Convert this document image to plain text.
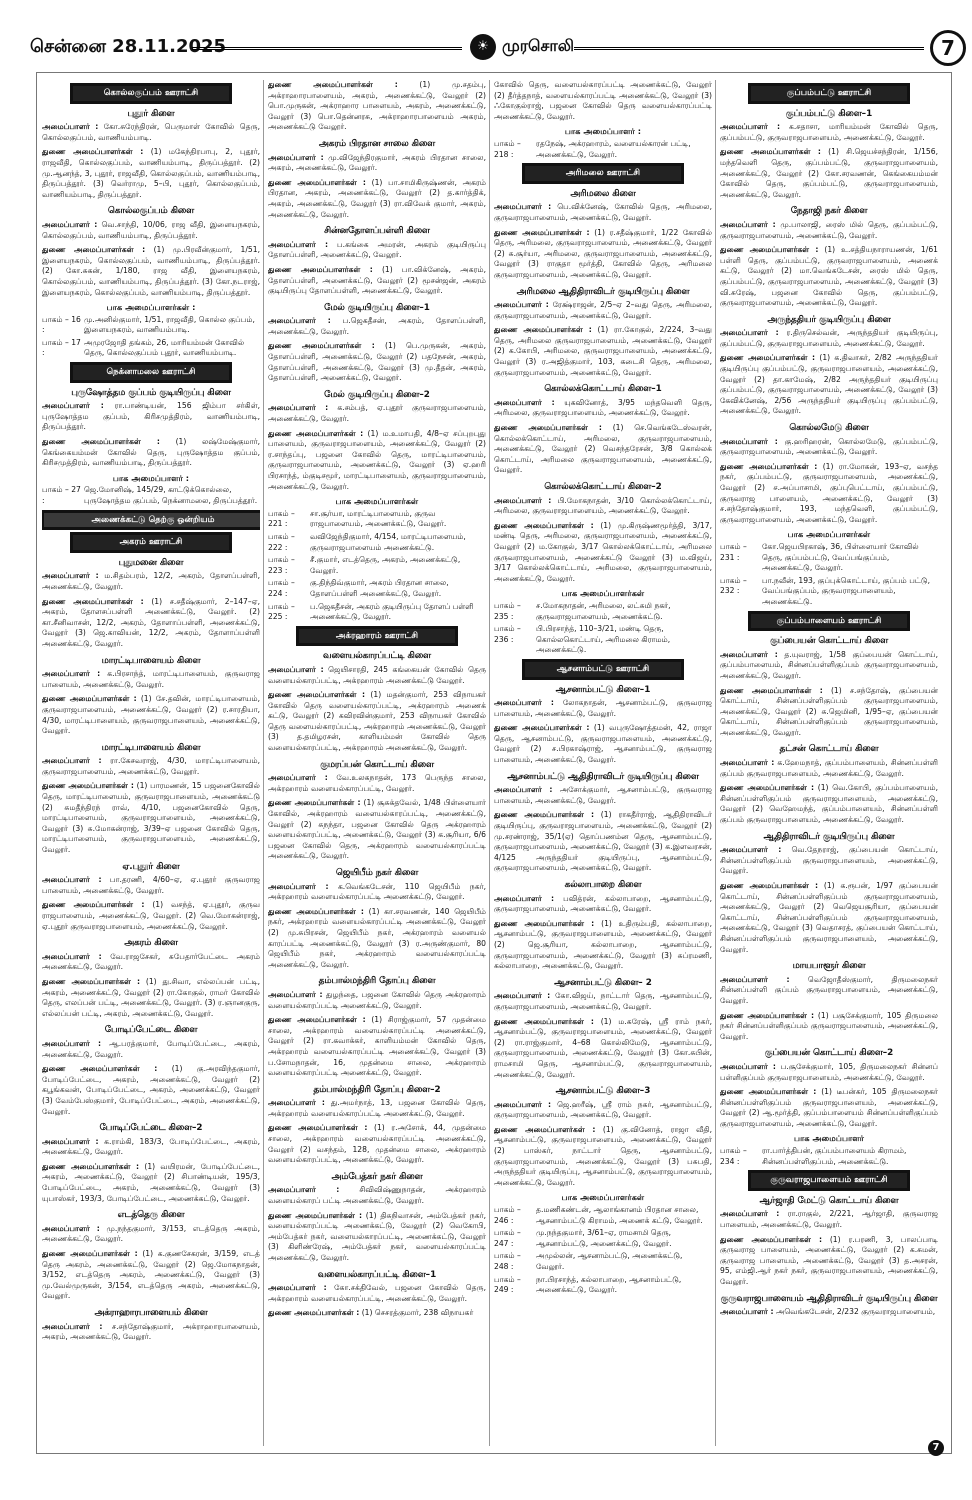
சென்னை 28.11.2025	☀ முரசொலி	7
கொல்லகுப்பம் ஊராட்சி
புதூர் கிளை
அமைப்பாளர் : கோ.சுரேந்திரன், பெருமாள் கோவில் தெரு, கொல்லகுப்பம், வாணியம்பாடி.
துணை அமைப்பாளர்கள் : (1) மகேந்திரபாபு, 2, புதூர், ராஜவீதி, கொல்லகுப்பம், வாணியம்பாடி, திருப்பத்தூர். (2) மு.ஆனந்த், 3, புதூர், ராஜவீதி, கொல்லகுப்பம், வாணியம்பாடி, திருப்பத்தூர். (3) வெர்ராமு, 5–பி, புதூர், கொல்லகுப்பம், வாணியம்பாடி, திருப்பத்தூர்.
கொல்லகுப்பம் கிளை
அமைப்பாளர் : வெ.சாந்தி, 10/06, ராஜ வீதி, இளையநகரம், கொல்லகுப்பம், வாணியம்பாடி, திருப்பத்தூர்.
துணை அமைப்பாளர்கள் : (1) மு.பிரவீன்குமார், 1/51, இளையநகரம், கொல்லகுப்பம், வாணியம்பாடி, திருப்பத்தூர். (2) கோ.சுகன், 1/180, ராஜ வீதி, இளையநகரம், கொல்லகுப்பம், வாணியம்பாடி, திருப்பத்தூர். (3) கோ.நடராஜ், இளையநகரம், கொல்லகுப்பம், வாணியம்பாடி, திருப்பத்தூர்.
பாக அமைப்பாளர்கள் :
பாகம் – 16 :
மு.அனில்குமார், 1/51, ராஜவீதி, கொல்ல குப்பம், இளையநகரம், வாணியம்பாடி.
பாகம் – 17 :
அமுரஜோதி தங்கம், 26, மாரியம்மன் கோவில் தெரு, கொல்லகுப்பம் புதூர், வாணியம்பாடி.
நெக்னாமலை ஊராட்சி
புருஷோத்தம குப்பம் குடியிருப்பு கிளை
அமைப்பாளர் : ரா.பாண்டியன், 156 ஜிம்பா சர்கிள், புருஷோத்தம குப்பம், கிரிசமுத்திரம், வாணியம்பாடி, திருப்பத்தூர்.
துணை அமைப்பாளர்கள் : (1) லஷ்மேஷ்குமார், கெங்கையம்மன் கோவில் தெரு, புருஷோத்தம குப்பம், கிரிசமுத்திரம், வாணியம்பாடி, திருப்பத்தூர்.
பாக அமைப்பாளர் :
பாகம் – 27 :
ஜெ.மோனிஷ், 145/29, காட்டுக்கொல்லை, புருஷோத்தம குப்பம், நெக்னாமலை, திருப்பத்தூர்.
அணைக்கட்டு தெற்கு ஒன்றியம்
அகரம் ஊராட்சி
புதுமனை கிளை
அமைப்பாளர் : ம.சிதம்பரம், 12/2, அகரம், தோளப்பள்ளி, அணைக்கட்டு, வேலூர்.
துணை அமைப்பாளர்கள் : (1) ச.சதீஷ்குமார், 2–147–ஏ, அகரம், தோளசப்பள்ளி அணைக்கட்டு, வேலூர். (2) கா.சீனிவாசன், 12/2, அகரம், தோளாப்பள்ளி, அணைக்கட்டு, வேலூர் (3) ஜெ.காவியன், 12/2, அகரம், தோளாப்பள்ளி அணைக்கட்டு, வேலூர்.
மாரட்டிபாளையம் கிளை
அமைப்பாளர் : க.பிரசாந்த், மாரட்டிபாளையம், குருவராஜ பாளையம், அணைக்கட்டு, வேலூர்.
துணை அமைப்பாளர்கள் : (1) சே.தவின், மாரட்டிபாளையம், குருவராஜபாளையம், அணைக்கட்டு, வேலூர் (2) ர.சாரதியா, 4/30, மாரட்டிபாளையம், குருவராஜபாளையம், அணைக்கட்டு, வேலூர்.
மாரட்டிபாளையம் கிளை
அமைப்பாளர் : ரா.கேசவராஜ், 4/30, மாரட்டிபாளையம், குருவராஜபாளையம், அணைக்கட்டு, வேலூர்.
துணை அமைப்பாளர்கள் : (1) பாரமணன், 15 பஜனைகோவில் தெரு, மாரட்டிபாளையம், குருவராஜபாளையம், அணைக்கட்டு (2) சுமதீந்திரந் ராவ், 4/10, பஜனைகோவில் தெரு, மாரட்டிபாளையம், குருவராஜபாளையம், அணைக்கட்டு, வேலூர் (3) சு.மோகன்ராஜ், 3/39–ஏ பஜனை கோவில் தெரு, மாரட்டிபாளையம், குருவராஜபாளையம், அணைக்கட்டு, வேலூர்.
ஏ.புதூர் கிளை
அமைப்பாளர் : பா.தரணி, 4/60–ஏ, ஏ.புதூர் குருவராஜ பாளையம், அணைக்கட்டு, வேலூர்.
துணை அமைப்பாளர்கள் : (1) வசந்த், ஏ.புதூர், குருவ ராஜபாளையம், அணைக்கட்டு, வேலூர். (2) வெ.மோகன்ராஜ், ஏ.புதூர் குருவராஜபாளையம், அணைக்கட்டு, வேலூர்.
அகரம் கிளை
அமைப்பாளர் : வே.ராஜசேகர், சுபேதார்பேட்டை அகரம் அணைக்கட்டு, வேலூர்.
துணை அமைப்பாளர்கள் : (1) து.சிவா, எல்லப்பன் பட்டி, அகரம், அணைக்கட்டு, வேலூர் (2) ரா.கோகுல், ராமர் கோவில் தெரு, எலப்பன் பட்டி, அணைக்கட்டு, வேலூர். (3) ர.ஞானகுரு, எல்லப்பன் பட்டி, அகரம், அணைக்கட்டு, வேலூர்.
போடிப்பேட்டை கிளை
அமைப்பாளர் : ஆ.பரத்குமார், போடிப்பேட்டை, அகரம், அணைக்கட்டு, வேலூர்.
துணை அமைப்பாளர்கள் : (1) கு.அரவிந்தகுமார், போடிப்பேட்டை, அகரம், அணைக்கட்டு, வேலூர் (2) கபூங்கவன், போடிப்பேட்டை, அகரம், அணைக்கட்டு, வேலூர் (3) வேம்பேஸ்குமார், போடிப்பேட்டை, அகரம், அணைக்கட்டு, வேலூர்.
போடிப்பேட்டை கிளை–2
அமைப்பாளர் : க.ராம்கி, 183/3, போடிப்பேட்டை, அகரம், அணைக்கட்டு, வேலூர்.
துணை அமைப்பாளர்கள் : (1) வயிரமன், போடிப்பேட்டை, அகரம், அணைக்கட்டு, வேலூர் (2) சிபாண்டியன், 195/3, போடிப்பேட்டை, அகரம், அணைக்கட்டு, வேலூர் (3) யுபாஸ்கர், 193/3, போடிப்பேட்டை, அணைக்கட்டு, வேலூர்.
எடத்தெரு கிளை
அமைப்பாளர் : மு.நந்தகுமார், 3/153, எடத்தெரு அகரம், அணைக்கட்டு, வேலூர்.
துணை அமைப்பாளர்கள் : (1) க.குணசேகரன், 3/159, எடத் தெரு அகரம், அணைக்கட்டு, வேலூர் (2) ஜெ.மோகநாதன், 3/152, எடத்தெரு அகரம், அணைக்கட்டு, வேலூர் (3) மு.வேல்முருகன், 3/154, எடத்தெரு அகரம், அணைக்கட்டு, வேலூர்.
அக்ராஹாரபாளையம் கிளை
அமைப்பாளர் : ச.சந்தோஷ்குமார், அக்ராஹாரபாளையம், அகரம், அணைக்கட்டு, வேலூர்.
துணை அமைப்பாளர்கள் :	(1) மு.சதம்பு, அக்ராஹாரபாளையம், அகரம், அணைக்கட்டு, வேலூர் (2) பொ.முருகன், அக்ராஹார பாளையம், அகரம், அணைக்கட்டு, வேலூர் (3) பொ.தென்னரசு, அக்ராஹாரபாளையம் அகரம், அணைக்கட்டு வேலூர்.
அகரம் பிரதான சாலை கிளை
அமைப்பாளர் : மு.விஜேந்திரகுமார், அகரம் பிரதான சாலை, அகரம், அணைக்கட்டு, வேலூர்.
துணை அமைப்பாளர்கள் : (1) பா.சாமிகிருஷ்ணன், அகரம் பிரதான, அகரம், அணைக்கட்டு, வேலூர் (2) த.கார்த்திக், அகரம், அணைக்கட்டு, வேலூர் (3) ரா.விவேக் குமார், அகரம், அணைக்கட்டு, வேலூர்.
சின்னதோளப்பள்ளி கிளை
அமைப்பாளர் : ப.கங்கை அமரன், அகரம் குடியிருப்பு தோளப்பள்ளி, அணைக்கட்டு, வேலூர்.
துணை அமைப்பாளர்கள் : (1) பா.விக்னேஷ், அகரம், தோளப்பள்ளி, அணைக்கட்டு, வேலூர் (2) மூசன்ஜன், அகரம் குடியிருப்பு தோளப்பள்ளி, அணைக்கட்டு, வேலூர்.
மேல் குடியிருப்பு கிளை–1
அமைப்பாளர் : ப.ஜெகதீசன், அகரம், தோளப்பள்ளி, அணைக்கட்டு, வேலூர்.
துணை அமைப்பாளர்கள் : (1) பெ.முருகன், அகரம், தோளப்பள்ளி, அணைக்கட்டு, வேலூர் (2) பதநேசன், அகரம், தோளப்பள்ளி, அணைக்கட்டு, வேலூர் (3) மு.தீதன், அகரம், தோளப்பள்ளி, அணைக்கட்டு, வேலூர்.
மேல் குடியிருப்பு கிளை–2
அமைப்பாளர் : க.சம்பத், ஏ.புதூர் குருவராஜபாளையம், அணைக்கட்டு, வேலூர்.
துணை அமைப்பாளர்கள் : (1) ம.உமாபதி, 4/8–ஏ சப்புறபுது பாளையம், குருவராஜபாளையம், அணைக்கட்டு, வேலூர் (2) ர.சாந்தப்பு, பஜனை கோவில் தெரு, மாரட்டிபாளையம், குருவராஜபாளையம், அணைக்கட்டு, வேலூர் (3) ஏ.ஹரி பிரசாந்த், ம்குடிசமூர், மாரட்டிபாளையம், குருவராஜபாளையம், அணைக்கட்டு, வேலூர்.
பாக அமைப்பாளர்கள்
பாகம் – 221 :
சா.சூர்யா, மாரட்டிபாளையம், குருவ ராஜபாளையம், அணைக்கட்டு, வேலூர்.
பாகம் – 222 :
வவிஜேந்திகுமார், 4/154, மாரட்டிபாளையம், குருவராஜபாளையம் அணைக்கட்டு.
பாகம் – 223 :
சீ.குமார், எடத்தெரு, அகரம், அணைக்கட்டு, வேலூர்.
பாகம் – 224 :
கு.திந்திவ்குமார், அகரம் பிரதான சாலை, தோளப்பள்ளி அணைக்கட்டு, வேலூர்.
பாகம் – 225 :
ப.ஜெகதீசன், அகரம் குடியிருப்பு தோளப் பள்ளி அணைக்கட்டு, வேலூர்.
அக்ரஹாரம் ஊராட்சி
வளையல்காரப்பட்டி கிளை
அமைப்பாளர் : ஜெயிசாரதி, 245 கங்கையன் கோவில் தெரு வளையல்காரப்பட்டி, அக்ரஹாரம் அணைக்கட்டு வேலூர்.
துணை அமைப்பாளர்கள் : (1) மதன்குமார், 253 விநாயகர் கோவில் தெரு வளையல்காரப்பட்டி, அக்ரஹாரம் அணைக் கட்டு, வேலூர் (2) கவிரவின்குமார், 253 விநாயகர் கோவில் தெரு வளையல்காரப்பட்டி, அக்ரஹாரம் அணைக்கட்டு, வேலூர் (3) த.தமிழரசன், காளியம்மன் கோவில் தெரு வளையல்காரப்பட்டி, அக்ரஹாரம் அணைக்கட்டு, வேலூர்.
குமரப்பன் கொட்டாய் கிளை
அமைப்பாளர் : வே.உலகநாதன், 173 பெருந்த சாலை, அக்ரஹாரம் வளையல்காரப்பட்டி, வேலூர்.
துணை அமைப்பாளர்கள் : (1) சூசுக்தவேல், 1/48 பிள்ளையார் கோவில், அக்ரஹாரம் வளையல்காரப்பட்டி, அணைக்கட்டு, வேலூர் (2) சுநந்தா, பஜனை கோவில் தெரு அக்ரஹாரம் வளையல்காரப்பட்டி, அணைக்கட்டு, வேலூர் (3) க.சூரியா, 6/6 பஜனை கோவில் தெரு, அக்ரஹாரம் வளையல்காரப்பட்டி அணைக்கட்டு, வேலூர்.
ஜெயிபீம் நகர் கிளை
அமைப்பாளர் : க.வெங்கடேசன், 110 ஜெயிபீம் நகர், அக்ரஹாரம் வளையல்காரப்பட்டி அணைக்கட்டு, வேலூர்.
துணை அமைப்பாளர்கள் : (1) கா.சரவணன், 140 ஜெயிபீம் நகர், அக்ரஹாரம் வளையல்காரப்பட்டி அணைக்கட்டு, வேலூர் (2) மு.சுபிரசன், ஜெயிபீம் நகர், அக்ரஹாரம் வளையல் காரப்பட்டி அணைக்கட்டு, வேலூர் (3) ர.அருண்குமார், 80 ஜெயிபீம் நகர், அக்ரஹாரம் வளையல்காரப்பட்டி அணைக்கட்டு, வேலூர்.
தம்பால்மந்திரி தோப்பு கிளை
அமைப்பாளர் : துழந்தை, பஜனை கோவில் தெரு அக்ரஹாரம் வளையல்காரப்பட்டி அணைக்கட்டு, வேலூர்.
துணை அமைப்பாளர்கள் : (1) சிராஜ்குமார், 57 முதன்மை சாலை, அக்ரஹாரம் வளையல்காரப்பட்டி அணைக்கட்டு, வேலூர் (2) ரா.கவாக்கர், காளியம்மன் கோவில் தெரு, அக்ரஹாரம் வளையல்காரப்பட்டி அணைக்கட்டு, வேலூர் (3) ப.சோமநாதன், 16, முதன்மை சாலை, அக்ரஹாரம் வளையல்காரப்பட்டி அணைக்கட்டு, வேலூர்.
தம்பால்மந்திரி தோப்பு கிளை–2
அமைப்பாளர் : து.அமர்நாத், 13, பஜனை கோவில் தெரு, அக்ரஹாரம் வளையல்காரப்பட்டி அணைக்கட்டு, வேலூர்.
துணை அமைப்பாளர்கள் : (1) ர.அசோக், 44, முதன்மை சாலை, அக்ரஹாரம் வளையல்காரப்பட்டி அணைக்கட்டு, வேலூர் (2) வசந்தம், 128, முதன்மை சாலை, அக்ரஹாரம் வளையல்காரப்பட்டி, அணைக்கட்டு, வேலூர்.
அம்பேத்கர் நகர் கிளை
அமைப்பாளர் :	சிவிவிஷ்ணுநாதன், அக்ரஹாரம் வளையல்காரப் பட்டி அணைக்கட்டு, வேலூர்.
துணை அமைப்பாளர்கள் : (1) திசுநிவாசன், அம்பேத்கர் நகர், வளையல்காரப்பட்டி அணைக்கட்டு, வேலூர் (2) வெகோபி, அம்பேத்கர் நகர், வளையல்காரப்பட்டி, அணைக்கட்டு, வேலூர் (3) கிளிண்ரேஷ், அம்பேத்கர் நகர், வளையல்காரப்பட்டி அணைக்கட்டு, வேலூர்.
வளையல்காரப்பட்டி கிளை–1
அமைப்பாளர் : கோ.சக்திவேல், பஜனை கோவில் தெரு, அக்ரஹாரம் வளையல்காரப்பட்டி, அணைக்கட்டு, வேலூர்.
துணை அமைப்பாளர்கள் : (1) செசரத்குமார், 238 விநாயகர்
கோவில் தெரு, வளையல்காரப்பட்டி அணைக்கட்டு, வேலூர் (2) தீர்த்தநாத், வளையல்காரப்பட்டி அணைக்கட்டு, வேலூர் (3) ஃகோகுல்ராஜ், பஜனை கோவில் தெரு வளையல்காரப்பட்டி அணைக்கட்டு, வேலூர்.
பாக அமைப்பாளர் :
பாகம் – 218 :
ரதநேஷ், அக்ரஹாரம், வளையல்காரன் பட்டி, அணைக்கட்டு, வேலூர்.
அரிமலை ஊராட்சி
அரிமலை கிளை
அமைப்பாளர் : பெ.விக்னேஷ், கோவில் தெரு, அரிமலை, குருவராஜபாளையம், அணைக்கட்டு, வேலூர்.
துணை அமைப்பாளர்கள் : (1) ர.சதீஷ்குமார், 1/22 கோவில் தெரு, அரிமலை, குருவராஜபாளையம், அணைக்கட்டு, வேலூர் (2) சு.சூர்யா, அரிமலை, குருவராஜபாளையம், அணைக்கட்டு, வேலூர் (3) ராகுதா மூர்த்தி, கோவில் தெரு, அரிமலை குருவராஜபாளையம், அணைக்கட்டு, வேலூர்.
அரிமலை ஆதிதிராவிடர் குடியிருப்பு கிளை
அமைப்பாளர் : ரேக்ஷ்ராஜன், 2/5–ஏ 2–வது தெரு, அரிமலை, குருவராஜபாளையம், அணைக்கட்டு, வேலூர்.
துணை அமைப்பாளர்கள் : (1) ரா.கோகுல், 2/224, 3–வது தெரு, அரிமலை குருவராஜபாளையம், அணைக்கட்டு, வேலூர் (2) க.கோபி, அரிமலை, குருவராஜபாளையம், அணைக்கட்டு, வேலூர் (3) ர.அஜித்குமார், 103, கடைசி தெரு, அரிமலை, குருவராஜபாளையம், அணைக்கட்டு, வேலூர்.
கொல்லக்கொட்டாய் கிளை–1
அமைப்பாளர் : யுகவினோத், 3/95 மந்தவெளி தெரு, அரிமலை, குருவராஜபாளையம், அணைக்கட்டு, வேலூர்.
துணை அமைப்பாளர்கள் : (1) செ.வெங்கடேஸ்வரன், கொல்லக்கொட்டாய், அரிமலை, குருவராஜபாளையம், அணைக்கட்டு, வேலூர் (2) வெசந்தரேசன், 3/8 கொல்லக் கொட்டாய், அரிமலை குருவராஜபாளையம், அணைக்கட்டு, வேலூர்.
கொல்லக்கொட்டாய் கிளை–2
அமைப்பாளர் : பி.மோகநாதன், 3/10 கொல்லக்கொட்டாய், அரிமலை, குருவராஜபாளையம், அணைக்கட்டு, வேலூர்.
துணை அமைப்பாளர்கள் : (1) மு.கிருஷ்ணமூர்த்தி, 3/17, மண்டி தெரு, அரிமலை, குருவராஜபாளையம், அணைக்கட்டு, வேலூர் (2) ம.கோகுல், 3/17 கொல்லக்கொட்டாய், அரிமலை குருவராஜபாளையம், அணைக்கட்டு வேலூர் (3) ம.விஜய், 3/17 கொல்லக்கொட்டாய், அரிமலை, குருவராஜபாளையம், அணைக்கட்டு, வேலூர்.
பாக அமைப்பாளர்கள்
பாகம் – 235 :
ச.மோகநாதன், அரிமலை, லட்சுமி நகர், குருவராஜபாளையம், அணைக்கட்டு.
பாகம் – 236 :
பி.பிரசாந்த், 110–3/21, மண்டி தெரு, கொல்லகொட்டாய், அரிமலை கிராமம், அணைக்கட்டு.
ஆசனாம்பட்டு ஊராட்சி
ஆசனாம்பட்டு கிளை–1
அமைப்பாளர் : லோகநாதன், ஆசனாம்பட்டு, குருவராஜ பாளையம், அணைக்கட்டு, வேலூர்.
துணை அமைப்பாளர்கள் : (1) வபுருஷோத்தமன், 42, ராஜா தெரு, ஆசனாம்பட்டு, குருவராஜபாளையம், அணைக்கட்டு, வேலூர் (2) ச.பிரகாஷ்ராஜ், ஆசனாம்பட்டு, குருவராஜ பாளையம், அணைக்கட்டு, வேலூர்.
ஆசனாம்பட்டு ஆதிதிராவிடர் குடியிருப்பு கிளை
அமைப்பாளர் : அசோக்குமார், ஆசனாம்பட்டு, குருவராஜ பாளையம், அணைக்கட்டு, வேலூர்.
துணை அமைப்பாளர்கள் : (1) ராகதீர்ராஜ், ஆதிதிராவிடர் குடியிருப்பு, குருவராஜபாளையம், அணைக்கட்டு, வேலூர் (2) மு.சரண்ராஜ், 35/1(ஏ) தொப்பணம்ன தெரு, ஆசனாம்பட்டு, குருவராஜபாளையம், அணைக்கட்டு, வேலூர் (3) க.இளவரசன், 4/125 அருந்ததியர் குடியிருப்பு, ஆசனாம்பட்டு, குருவராஜபாளையம், அணைக்கட்டு, வேலூர்.
கல்லாபாறை கிளை
அமைப்பாளர் : பவித்ரன், கல்லாபாறை, ஆசனாம்பட்டு, குருவராஜபாளையம், அணைக்கட்டு, வேலூர்.
துணை அமைப்பாளர்கள் : (1) உதிரும்பதி, கல்லாபாறை, ஆசனாம்பட்டு, குருவராஜபாளையம், அணைக்கட்டு, வேலூர் (2) ஜெ.சூரியா, கல்லாபாறை, ஆசனாம்பட்டு, குருவராஜபாளையம், அணைக்கட்டு, வேலூர் (3) சுப்ரமணி, கல்லாபாறை, அணைக்கட்டு, வேலூர்.
ஆசனாம்பட்டு கிளை– 2
அமைப்பாளர் : கோ.விஜய், நாட்டார் தெரு, ஆசனாம்பட்டு, குருவராஜபாளையம், அணைக்கட்டு, வேலூர்.
துணை அமைப்பாளர்கள் : (1) ம.கரேஷ், ஸ்ரீ ராம் நகர், ஆசனாம்பட்டு, குருவராஜபாளையம், அணைக்கட்டு, வேலூர் (2) ரா.ராஜ்குமார், 4–68 கொல்லிமேடு, ஆசனாம்பட்டு, குருவராஜபாளையம், அணைக்கட்டு, வேலூர் (3) கோ.சுபின், ராமசாமி தெரு, ஆசனாம்பட்டு, குருவராஜபாளையம், அணைக்கட்டு, வேலூர்.
ஆசனாம்பட்டு கிளை–3
அமைப்பாளர் : ஜெ.ஹரீஷ், ஸ்ரீ ராம் நகர், ஆசனாம்பட்டு, குருவராஜபாளையம், அணைக்கட்டு, வேலூர்.
துணை அமைப்பாளர்கள் : (1) கு.வினோத், ராஜா வீதி, ஆசனாம்பட்டு, குருவராஜபாளையம், அணைக்கட்டு, வேலூர் (2) பாஸ்கர், நாட்டார் தெரு, ஆசனாம்பட்டு, குருவராஜபாளையம், அணைக்கட்டு, வேலூர் (3) பசுபதி, அருந்ததியர் குடியிருப்பு, ஆசனாம்பட்டு, குருவராஜபாளையம், அணைக்கட்டு, வேலூர்.
பாக அமைப்பாளர்கள்
பாகம் – 246 :
த.மணிகண்டன், ஆலாங்கானம் பிரதான சாலை, ஆசனாம்பட்டு கிராமம், அணைக் கட்டு, வேலூர்.
பாகம் – 247 :
மு.நந்தகுமார், 3/61–ஏ, ராமசாமி தெரு, ஆசனாம்பட்டு, அணைக்கட்டு, வேலூர்.
பாகம் – 248 :
அமுல்லன், ஆசனாம்பட்டு, அணைக்கட்டு, வேலூர்.
பாகம் – 249 :
நா.பிரசாந்த், கல்லாபாறை, ஆசனாம்பட்டு, அணைக்கட்டு, வேலூர்.
குப்பம்பட்டு ஊராட்சி
குப்பம்பட்டு கிளை–1
அமைப்பாளர் : க.சதாசா, மாரியம்மன் கோவில் தெரு, குப்பம்பட்டு, குருவராஜபாளையம், அணைக்கட்டு, வேலூர்.
துணை அமைப்பாளர்கள் : (1) சி.ஜெயச்சந்திரன், 1/156, மந்தவெளி தெரு, குப்பம்பட்டு, குருவராஜபாளையம், அணைக்கட்டு, வேலூர் (2) கோ.சரவணன், கெங்கையம்மன் கோவில் தெரு, குப்பம்பட்டு, குருவராஜபாளையம், அணைக்கட்டு, வேலூர்.
நேதாஜி நகர் கிளை
அமைப்பாளர் : மு.பாலாஜி, ரைஸ் மில் தெரு, குப்பம்பட்டு, குருவராஜபாளையம், அணைக்கட்டு, வேலூர்.
துணை அமைப்பாளர்கள் : (1) உ.சத்தியநாராயணன், 1/61 பள்ளி தெரு, குப்பம்பட்டு, குருவராஜபாளையம், அணைக் கட்டு, வேலூர் (2) மா.வெங்கடேசன், ரைஸ் மில் தெரு, குப்பம்பட்டு, குருவராஜபாளையம், அணைக்கட்டு, வேலூர் (3) வி.சுரேஷ், பஜனை கோவில் தெரு, குப்பம்பட்டு, குருவராஜபாளையம், அணைக்கட்டு, வேலூர்.
அருந்ததியர் குடியிருப்பு கிளை
அமைப்பாளர் : ர.திருசெல்வன், அருந்ததியர் குடியிருப்பு, குப்பம்பட்டு, குருவராஜபாளையம், அணைக்கட்டு, வேலூர்.
துணை அமைப்பாளர்கள் : (1) க.திவாகர், 2/82 அருந்ததியர் குடியிருப்பு குப்பம்பட்டு, குருவராஜபாளையம், அணைக்கட்டு, வேலூர் (2) தா.காமேஷ், 2/82 அருந்ததியர் குடியிருப்பு குப்பம்பட்டு, குருவராஜபாளையம், அணைக்கட்டு, வேலூர் (3) கேவிக்னேஷ், 2/56 அருந்ததியர் குடியிருப்பு குப்பம்பட்டு, அணைக்கட்டு, வேலூர்.
கொல்லமேடு கிளை
அமைப்பாளர் : கு.ஹரிஹரன், கொல்லமேடு, குப்பம்பட்டு, குருவராஜபாளையம், அணைக்கட்டு, வேலூர்.
துணை அமைப்பாளர்கள் : (1) ரா.மோகன், 193–ஏ, வசந்த நகர், குப்பம்பட்டு, குருவராஜபாளையம், அணைக்கட்டு, வேலூர் (2) ச.அப்பாசாமி, குப்புபெட்டாய், குப்பம்பட்டு, குருவராஜ பாளையம், அணைக்கட்டு, வேலூர் (3) ச.சந்தோஷ்குமார், 193, மந்தவெளி, குப்பம்பட்டு, குருவராஜபாளையம், அணைக்கட்டு, வேலூர்.
பாக அமைப்பாளர்கள்
பாகம் – 231 :
கோ.ஜெயபிரகாஷ், 36, பிள்ளையார் கோவில் தெரு, குப்பம்பட்டு, வேப்பங்குப்பம், அணைக்கட்டு, வேலூர்.
பாகம் – 232 :
பா.நவீன், 193, குப்புக்கொட்டாய், குப்பம் பட்டு, வேப்பங்குப்பம், குருவராஜபாளையம், அணைக்கட்டு.
குப்பம்பாளையம் ஊராட்சி
குப்பையன் கொட்டாய் கிளை
அமைப்பாளர் : த.யுவராஜ், 1/58 குப்பையன் கொட்டாய், குப்பம்பாளையம், சின்னப்பள்ளிகுப்பம் குருவராஜபாளையம், அணைக்கட்டு, வேலூர்.
துணை அமைப்பாளர்கள் : (1) ச.சந்தோஷ், குப்பையன் கொட்டாய், சின்னப்பள்ளிகுப்பம் குருவராஜபாளையம், அணைக்கட்டு, வேலூர் (2) சு.ஜெமினி, 1/95–ஏ, குப்பையன் கொட்டாய், சின்னப்பள்ளிகுப்பம் குருவராஜபாளையம், அணைக்கட்டு, வேலூர்.
தட்சன் கொட்டாய் கிளை
அமைப்பாளர் : க.ஹேமநாத், குப்பம்பாளையம், சின்னப்பள்ளி குப்பம் குருவராஜபாளையம், அணைக்கட்டு, வேலூர்.
துணை அமைப்பாளர்கள் : (1) வெ.கோபி, குப்பம்பாளையம், சின்னப்பள்ளிகுப்பம் குருவராஜபாளையம், அணைக்கட்டு, வேலூர் (2) வெஹேமந்த், குப்பம்பாளையம், சின்னப்பள்ளி குப்பம் குருவராஜபாளையம், அணைக்கட்டு, வேலூர்.
ஆதிதிராவிடர் குடியிருப்பு கிளை
அமைப்பாளர் : வெ.தேநராஜ், குப்பையன் கொட்டாய், சின்னப்பள்ளிகுப்பம் குருவராஜபாளையம், அணைக்கட்டு, வேலூர்.
துணை அமைப்பாளர்கள் : (1) க.ரூபன், 1/97 குப்பையன் கொட்டாய், சின்னப்பள்ளிகுப்பம் குருவராஜபாளையம், அணைக்கட்டு, வேலூர் (2) வெஜெயசூரியா, குப்பையன் கொட்டாய், சின்னப்பள்ளிகுப்பம் குருவராஜபாளையம், அணைக்கட்டு, வேலூர் (3) வெதாசரத், குப்பையன் கொட்டாய், சின்னப்பள்ளிகுப்பம் குருவராஜபாளையம், அணைக்கட்டு, வேலூர்.
மாயபாளூர் கிளை
அமைப்பாளர் : வெஜோதீஸ்குமார், திருமலைநகர் சின்னப்பள்ளி குப்பம் குருவராஜபாளையம், அணைக்கட்டு, வேலூர்.
துணை அமைப்பாளர்கள் : (1) பசூசேக்குமார், 105 திருமலை நகர் சின்னப்பள்ளிகுப்பம் குருவராஜபாளையம், அணைக்கட்டு, வேலூர்.
குப்பையன் கொட்டாய் கிளை–2
அமைப்பாளர் : ப.சூசேக்குமார், 105, திருமலைநகர் சின்னப் பள்ளிகுப்பம் குருவராஜபாளையம், அணைக்கட்டு, வேலூர்.
துணை அமைப்பாளர்கள் : (1) டீபன்கர், 105 திருமலைநகர் சின்னப்பள்ளிகுப்பம் குருவராஜபாளையம், அணைக்கட்டு, வேலூர் (2) ஆ.மூர்த்தி, குப்பம்பாளையம் சின்னப்பள்ளிகுப்பம் குருவராஜபாளையம், அணைக்கட்டு, வேலூர்.
பாக அமைப்பாளர்
பாகம் – 234 :
ரா.பார்த்திபன், குப்பம்பாளையம் கிராமம், சின்னப்பள்ளிகுப்பம், அணைக்கட்டு.
குருவராஜபாளையம் ஊராட்சி
ஆர்ஜாதி மேட்டு கொட்டாய் கிளை
அமைப்பாளர் : ரா.ராகுல், 2/221, ஆர்ஜாதி, குருவராஜ பாளையம், அணைக்கட்டு, வேலூர்.
துணை அமைப்பாளர்கள் : (1) ர.பரணி, 3, பாலப்பாடி குருவராஜ பாளையம், அணைக்கட்டு, வேலூர் (2) க.சுமன், குருவராஜ பாளையம், அணைக்கட்டு, வேலூர் (3) த.அசரன், 95, எம்ஜி.ஆர் நகர் நகர், குருவராஜபாளையம், அணைக்கட்டு, வேலூர்.
குருவராஜபாளையம் ஆதிதிராவிடர் குடியிருப்பு கிளை
அமைப்பாளர் : அவெங்கடேசன், 2/232 குருவராஜபாளையம்,
7
